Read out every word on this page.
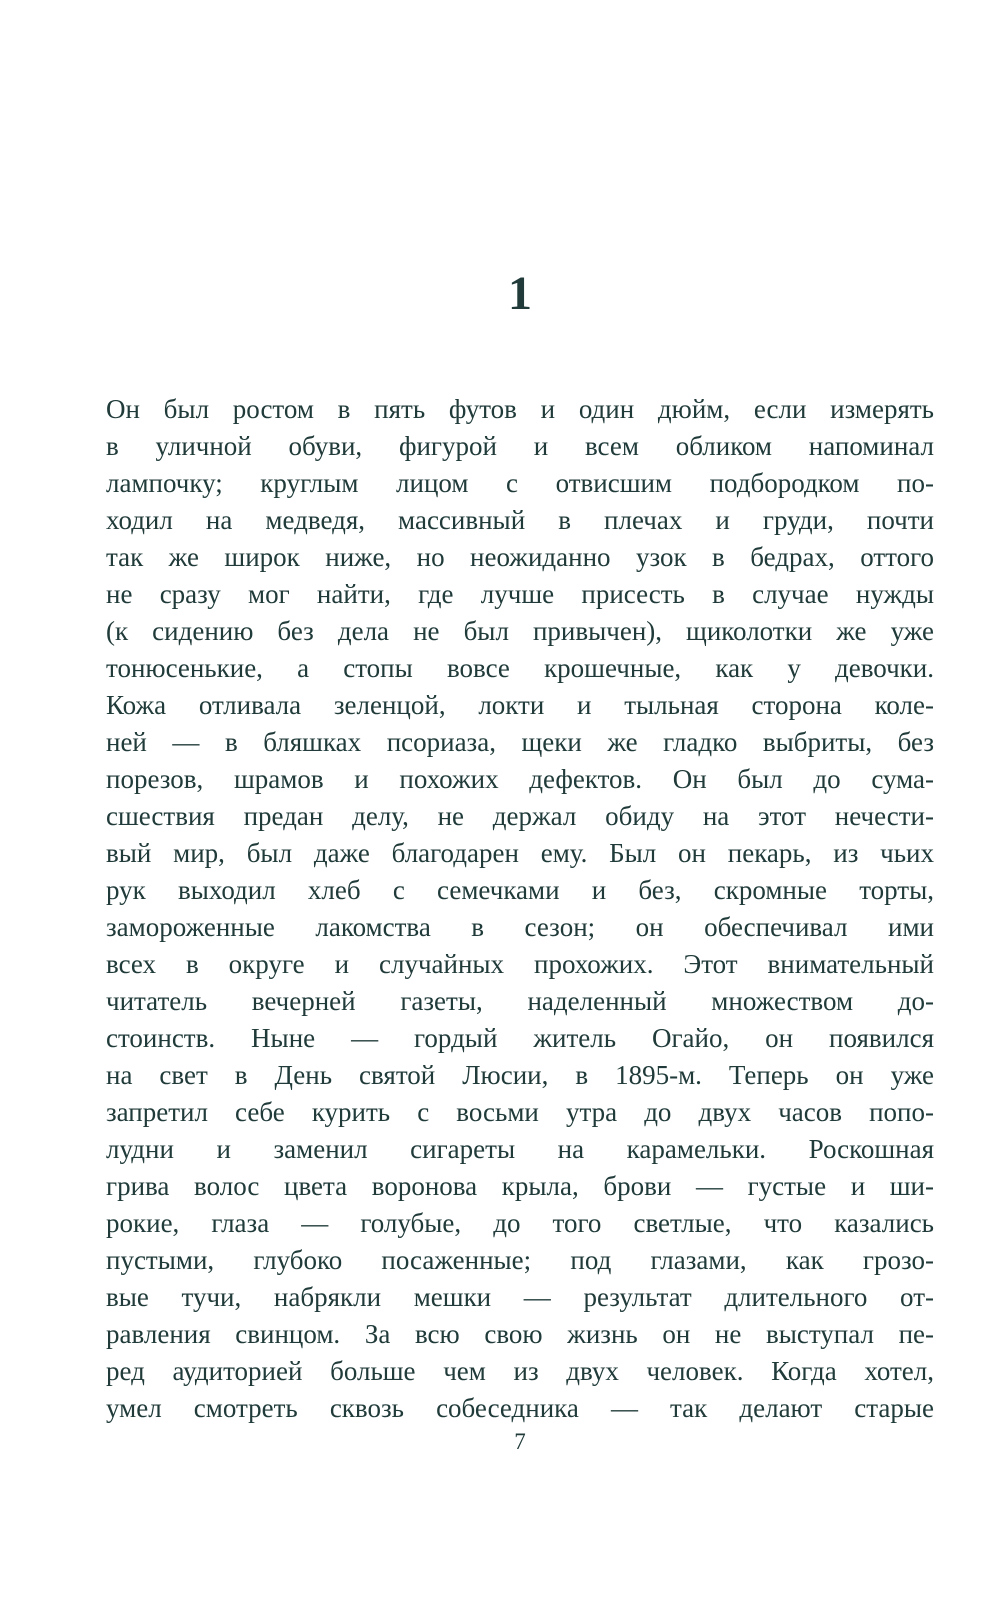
1
Он был ростом в пять футов и один дюйм, если измерять
в уличной обуви, фигурой и всем обликом напоминал
лампочку; круглым лицом с отвисшим подбородком по-
ходил на медведя, массивный в плечах и груди, почти
так же широк ниже, но неожиданно узок в бедрах, оттого
не сразу мог найти, где лучше присесть в случае нужды
(к сидению без дела не был привычен), щиколотки же уже
тонюсенькие, а стопы вовсе крошечные, как у девочки.
Кожа отливала зеленцой, локти и тыльная сторона коле-
ней — в бляшках псориаза, щеки же гладко выбриты, без
порезов, шрамов и похожих дефектов. Он был до сума-
сшествия предан делу, не держал обиду на этот нечести-
вый мир, был даже благодарен ему. Был он пекарь, из чьих
рук выходил хлеб с семечками и без, скромные торты,
замороженные лакомства в сезон; он обеспечивал ими
всех в округе и случайных прохожих. Этот внимательный
читатель вечерней газеты, наделенный множеством до-
стоинств. Ныне — гордый житель Огайо, он появился
на свет в День святой Люсии, в 1895-м. Теперь он уже
запретил себе курить с восьми утра до двух часов попо-
лудни и заменил сигареты на карамельки. Роскошная
грива волос цвета воронова крыла, брови — густые и ши-
рокие, глаза — голубые, до того светлые, что казались
пустыми, глубоко посаженные; под глазами, как грозо-
вые тучи, набрякли мешки — результат длительного от-
равления свинцом. За всю свою жизнь он не выступал пе-
ред аудиторией больше чем из двух человек. Когда хотел,
умел смотреть сквозь собеседника — так делают старые
7
